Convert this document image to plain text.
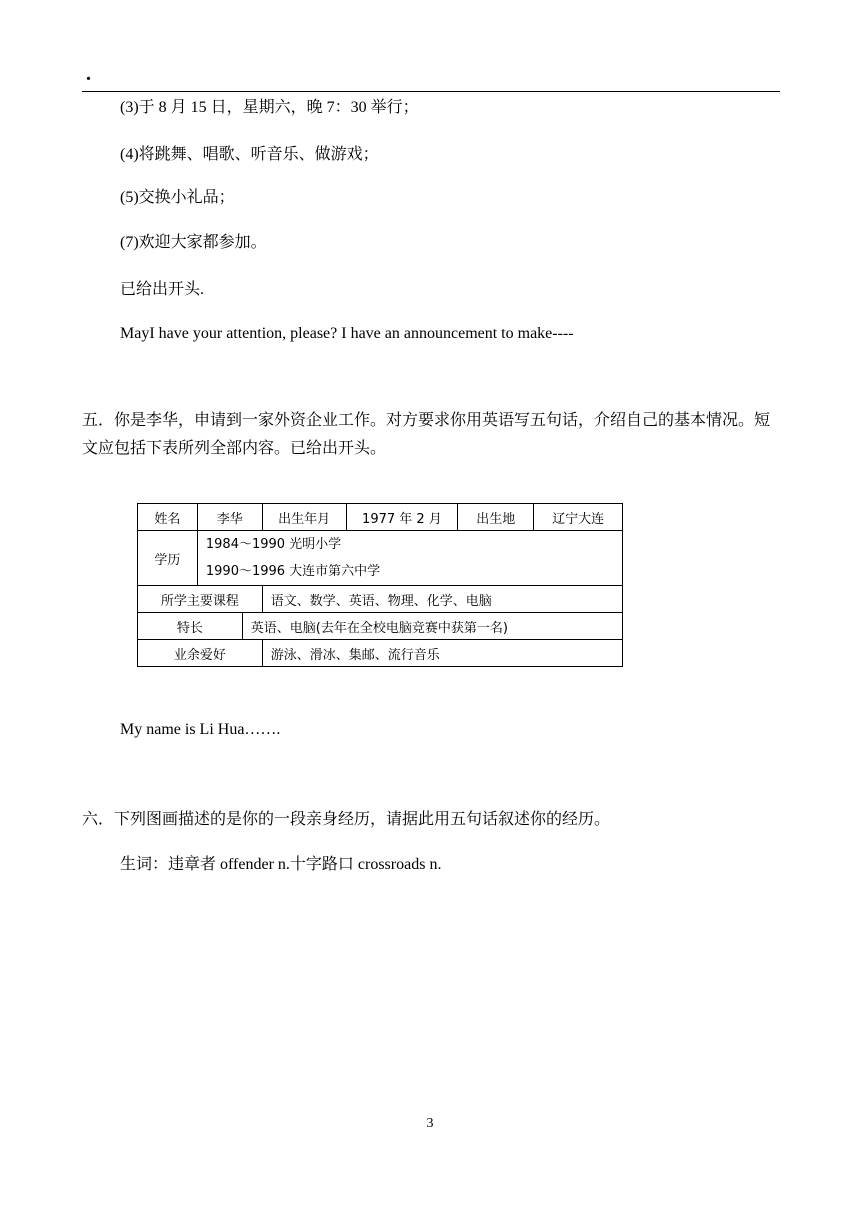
.
(3)于 8 月 15 日，星期六，晚 7：30 举行；
(4)将跳舞、唱歌、听音乐、做游戏；
(5)交换小礼品；
(7)欢迎大家都参加。
已给出开头.
MayI have your attention, please? I have an announcement to make----
五．你是李华，申请到一家外资企业工作。对方要求你用英语写五句话，介绍自己的基本情况。短文应包括下表所列全部内容。已给出开头。
姓名	李华		出生年月	1977 年 2 月	出生地	辽宁大连
学历	1984～1990 光明小学
1990～1996 大连市第六中学					

所学主要课程			语文、数学、英语、物理、化学、电脑			
特长		英语、电脑(去年在全校电脑竞赛中获第一名)				
业余爱好			游泳、滑冰、集邮、流行音乐			
My name is Li Hua…….
六．下列图画描述的是你的一段亲身经历，请据此用五句话叙述你的经历。
生词：违章者 offender n.十字路口 crossroads n.
3
